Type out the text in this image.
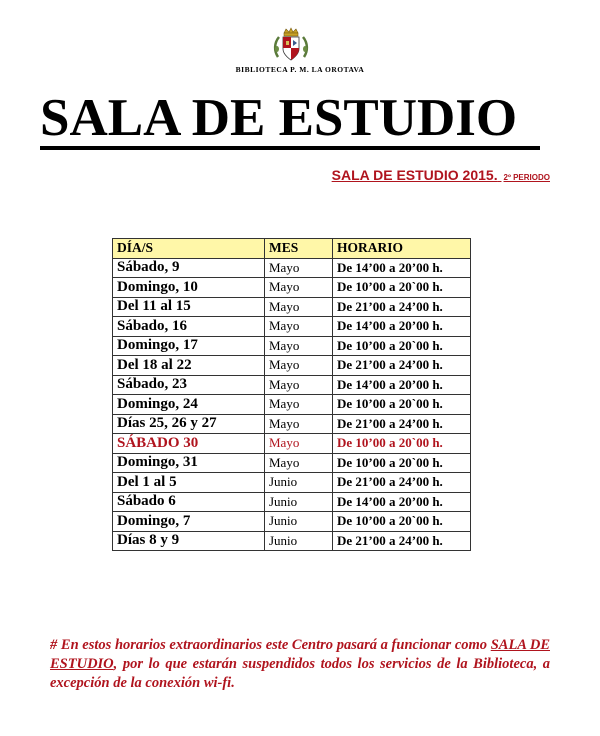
BIBLIOTECA P. M. LA OROTAVA
SALA DE ESTUDIO
SALA DE ESTUDIO 2015. 2º PERIODO
DÍA/S	MES	HORARIO
Sábado, 9	Mayo	De 14’00 a 20’00 h.
Domingo, 10	Mayo	De 10’00 a 20`00 h.
Del 11 al 15	Mayo	De 21’00 a 24’00 h.
Sábado, 16	Mayo	De 14’00 a 20’00 h.
Domingo, 17	Mayo	De 10’00 a 20`00 h.
Del 18 al 22	Mayo	De 21’00 a 24’00 h.
Sábado, 23	Mayo	De 14’00 a 20’00 h.
Domingo, 24	Mayo	De 10’00 a 20`00 h.
Días 25, 26 y 27	Mayo	De 21’00 a 24’00 h.
SÁBADO 30	Mayo	De 10’00 a 20`00 h.
Domingo, 31	Mayo	De 10’00 a 20`00 h.
Del 1 al 5	Junio	De 21’00 a 24’00 h.
Sábado 6	Junio	De 14’00 a 20’00 h.
Domingo, 7	Junio	De 10’00 a 20`00 h.
Días 8 y 9	Junio	De 21’00 a 24’00 h.
# En estos horarios extraordinarios este Centro pasará a funcionar como SALA DE ESTUDIO, por lo que estarán suspendidos todos los servicios de la Biblioteca, a excepción de la conexión wi-fi.
